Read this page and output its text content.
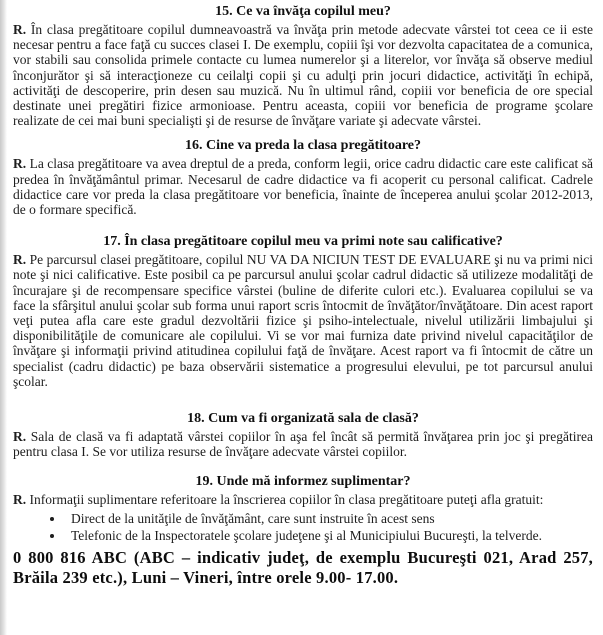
15. Ce va învăţa copilul meu?

R. În clasa pregătitoare copilul dumneavoastră va învăţa prin metode adecvate vârstei tot ceea ce ii este necesar pentru a face faţă cu succes clasei I. De exemplu, copiii îşi vor dezvolta capacitatea de a comunica, vor stabili sau consolida primele contacte cu lumea numerelor şi a literelor, vor învăţa să observe mediul înconjurător şi să interacţioneze cu ceilalţi copii şi cu adulţi prin jocuri didactice, activităţi în echipă, activităţi de descoperire, prin desen sau muzică. Nu în ultimul rând, copiii vor beneficia de ore special destinate unei pregătiri fizice armonioase. Pentru aceasta, copiii vor beneficia de programe şcolare realizate de cei mai buni specialişti şi de resurse de învăţare variate şi adecvate vârstei.

16. Cine va preda la clasa pregătitoare?

R. La clasa pregătitoare va avea dreptul de a preda, conform legii, orice cadru didactic care este calificat să predea în învăţământul primar. Necesarul de cadre didactice va fi acoperit cu personal calificat. Cadrele didactice care vor preda la clasa pregătitoare vor beneficia, înainte de începerea anului şcolar 2012-2013, de o formare specifică.

17. În clasa pregătitoare copilul meu va primi note sau calificative?

R. Pe parcursul clasei pregătitoare, copilul NU VA DA NICIUN TEST DE EVALUARE şi nu va primi nici note şi nici calificative. Este posibil ca pe parcursul anului şcolar cadrul didactic să utilizeze modalităţi de încurajare şi de recompensare specifice vârstei (buline de diferite culori etc.). Evaluarea copilului se va face la sfârşitul anului şcolar sub forma unui raport scris întocmit de învăţător/învăţătoare. Din acest raport veţi putea afla care este gradul dezvoltării fizice şi psiho-intelectuale, nivelul utilizării limbajului şi disponibilităţile de comunicare ale copilului. Vi se vor mai furniza date privind nivelul capacităţilor de învăţare şi informaţii privind atitudinea copilului faţă de învăţare. Acest raport va fi întocmit de către un specialist (cadru didactic) pe baza observării sistematice a progresului elevului, pe tot parcursul anului şcolar.

18. Cum va fi organizată sala de clasă?

R. Sala de clasă va fi adaptată vârstei copiilor în aşa fel încât să permită învăţarea prin joc şi pregătirea pentru clasa I. Se vor utiliza resurse de învăţare adecvate vârstei copiilor.

19. Unde mă informez suplimentar?

R. Informaţii suplimentare referitoare la înscrierea copiilor în clasa pregătitoare puteţi afla gratuit:

• Direct de la unităţile de învăţământ, care sunt instruite în acest sens
• Telefonic de la Inspectoratele şcolare judeţene şi al Municipiului Bucureşti, la telverde.

0 800 816 ABC (ABC – indicativ judeţ, de exemplu Bucureşti 021, Arad 257, Brăila 239 etc.), Luni – Vineri, între orele 9.00- 17.00.
